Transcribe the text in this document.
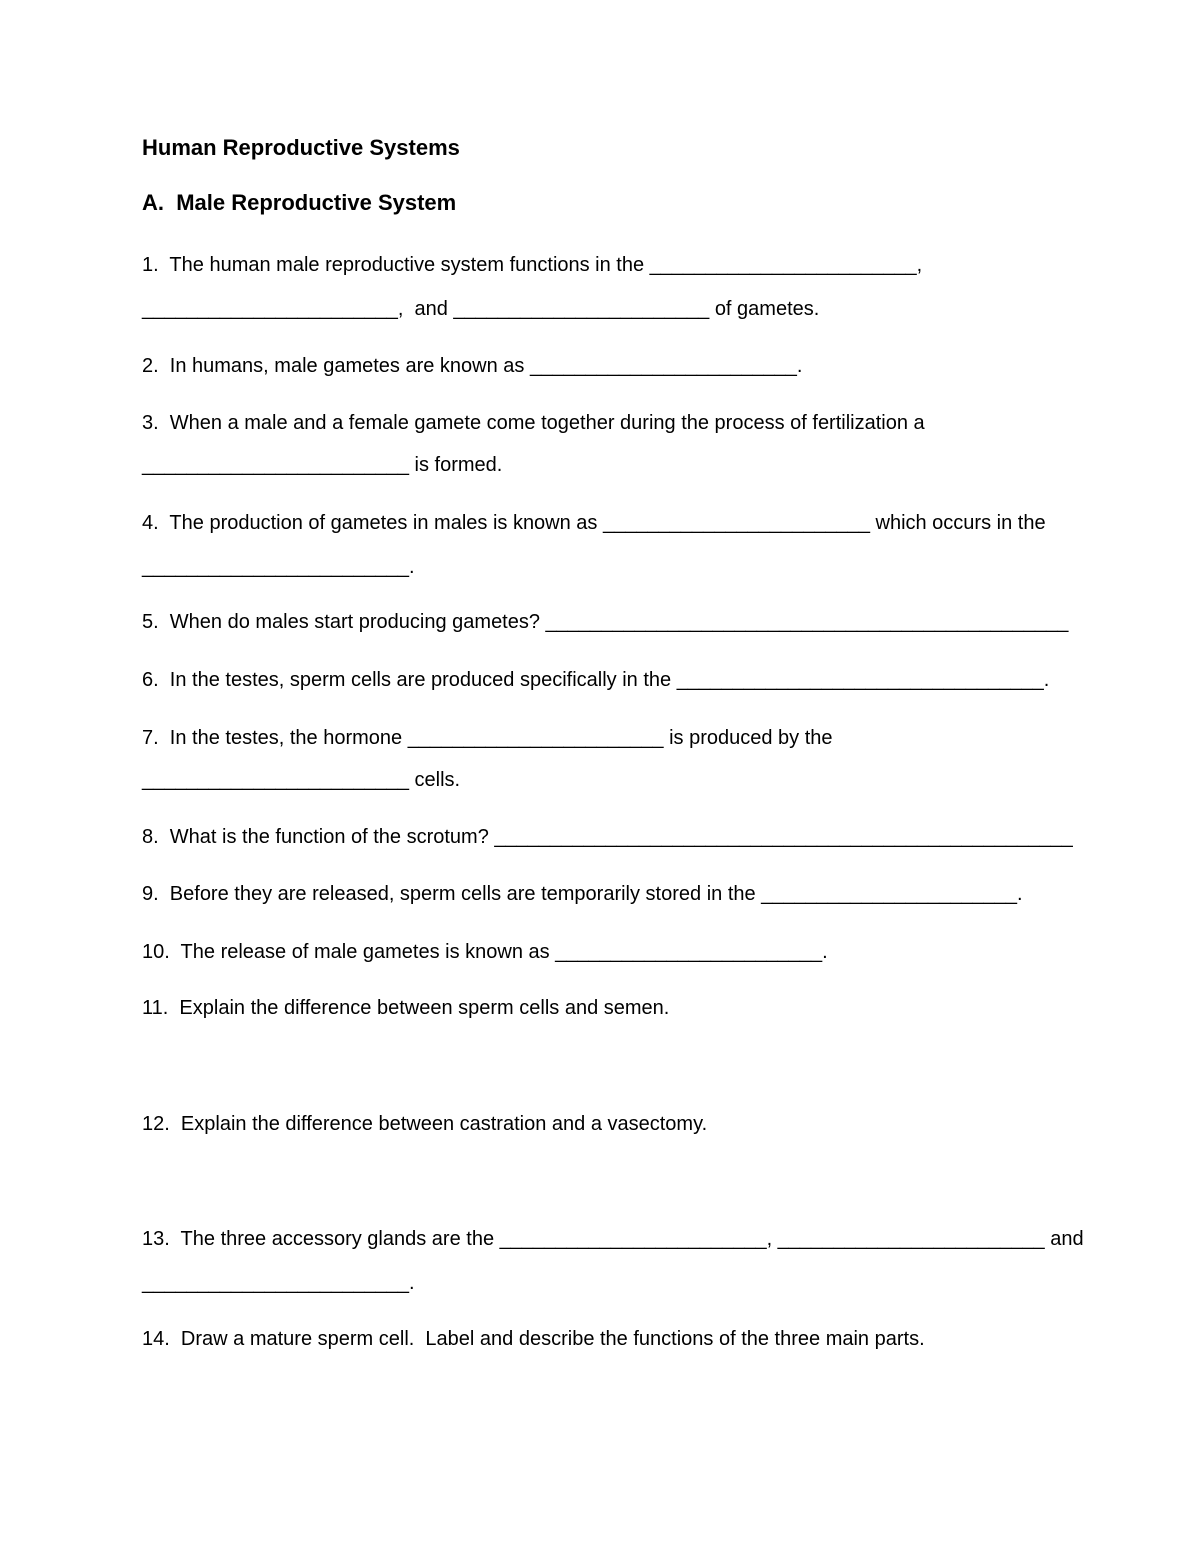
Human Reproductive Systems

A.  Male Reproductive System

1.  The human male reproductive system functions in the ________________________,

_______________________,  and _______________________ of gametes.

2.  In humans, male gametes are known as ________________________.

3.  When a male and a female gamete come together during the process of fertilization a

________________________ is formed.

4.  The production of gametes in males is known as ________________________ which occurs in the

________________________.

5.  When do males start producing gametes? _______________________________________________

6.  In the testes, sperm cells are produced specifically in the _________________________________.

7.  In the testes, the hormone _______________________ is produced by the

________________________ cells.

8.  What is the function of the scrotum? ____________________________________________________

9.  Before they are released, sperm cells are temporarily stored in the _______________________.

10.  The release of male gametes is known as ________________________.

11.  Explain the difference between sperm cells and semen.

12.  Explain the difference between castration and a vasectomy.

13.  The three accessory glands are the ________________________, ________________________ and

________________________.

14.  Draw a mature sperm cell.  Label and describe the functions of the three main parts.
